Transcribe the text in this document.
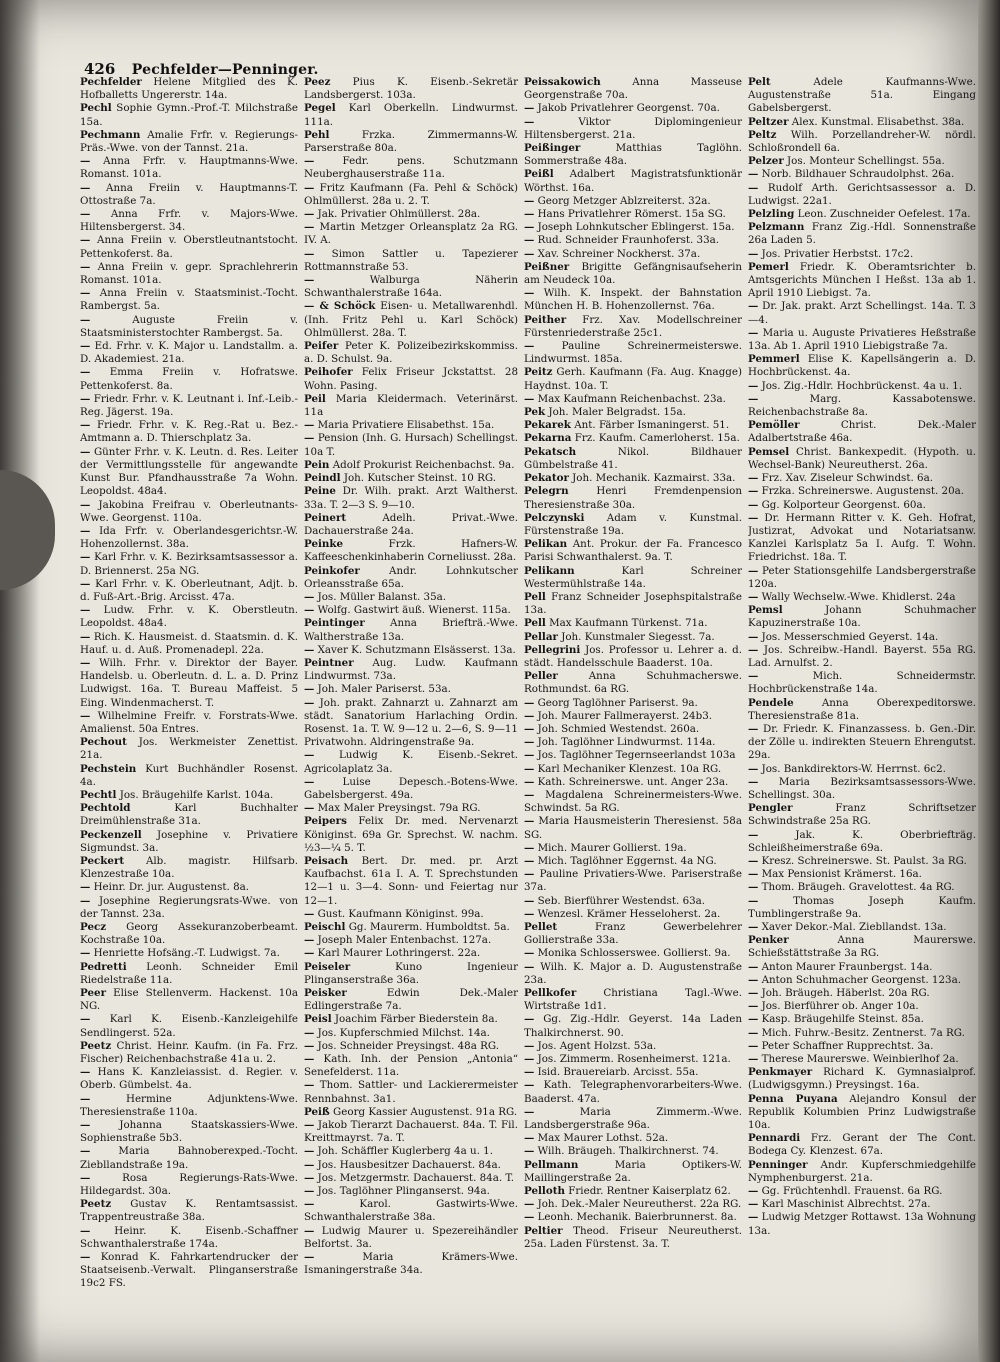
426 Pechfelder—Penninger.
Pechfelder Helene Mitglied des K. Hofballetts Ungererstr. 14a.
Pechl Sophie Gymn.-Prof.-T. Milchstraße 15a.
Pechmann Amalie Frfr. v. Regierungs-Präs.-Wwe. von der Tannst. 21a.
— Anna Frfr. v. Hauptmanns-Wwe. Romanst. 101a.
— Anna Freiin v. Hauptmanns-T. Ottostraße 7a.
— Anna Frfr. v. Majors-Wwe. Hiltensbergerst. 34.
— Anna Freiin v. Oberstleutnantstocht. Pettenkoferst. 8a.
— Anna Freiin v. gepr. Sprachlehrerin Romanst. 101a.
— Anna Freiin v. Staatsminist.-Tocht. Rambergst. 5a.
—	Auguste Freiin v. Staatsministerstochter Rambergst. 5a.
— Ed. Frhr. v. K. Major u. Landstallm. a. D. Akademiest. 21a.
— Emma Freiin v. Hofratswe. Pettenkoferst. 8a.
— Friedr. Frhr. v. K. Leutnant i. Inf.-Leib.-Reg. Jägerst. 19a.
— Friedr. Frhr. v. K. Reg.-Rat u. Bez.-Amtmann a. D. Thierschplatz 3a.
— Günter Frhr. v. K. Leutn. d. Res. Leiter der Vermittlungsstelle für angewandte Kunst Bur. Pfandhausstraße 7a Wohn. Leopoldst. 48a4.
— Jakobina Freifrau v. Oberleutnants-Wwe. Georgenst. 110a.
— Ida Frfr. v. Oberlandesgerichtsr.-W. Hohenzollernst. 38a.
— Karl Frhr. v. K. Bezirksamtsassessor a. D. Briennerst. 25a NG.
— Karl Frhr. v. K. Oberleutnant, Adjt. b. d. Fuß-Art.-Brig. Arcisst. 47a.
— Ludw. Frhr. v. K. Oberstleutn. Leopoldst. 48a4.
— Rich. K. Hausmeist. d. Staatsmin. d. K. Hauf. u. d. Auß. Promenadepl. 22a.
— Wilh. Frhr. v. Direktor der Bayer. Handelsb. u. Oberleutn. d. L. a. D. Prinz Ludwigst. 16a. T. Bureau Maffeist. 5 Eing. Windenmacherst. T.
— Wilhelmine Freifr. v. Forstrats-Wwe. Amalienst. 50a Entres.
Pechout Jos. Werkmeister Zenettist. 21a.
Pechstein Kurt Buchhändler Rosenst. 4a.
Pechtl Jos. Bräugehilfe Karlst. 104a.
Pechtold	Karl Buchhalter Dreimühlenstraße 31a.
Peckenzell Josephine v. Privatiere Sigmundst. 3a.
Peckert Alb. magistr. Hilfsarb. Klenzestraße 10a.
— Heinr. Dr. jur. Augustenst. 8a.
— Josephine Regierungsrats-Wwe. von der Tannst. 23a.
Pecz Georg Assekuranzoberbeamt. Kochstraße 10a.
— Henriette Hofsäng.-T. Ludwigst. 7a.
Pedretti Leonh. Schneider Emil Riedelstraße 11a.
Peer Elise Stellenverm. Hackenst. 10a NG.
— Karl K. Eisenb.-Kanzleigehilfe Sendlingerst. 52a.
Peetz Christ. Heinr. Kaufm. (in Fa. Frz. Fischer) Reichenbachstraße 41a u. 2.
— Hans K. Kanzleiassist. d. Regier. v. Oberb. Gümbelst. 4a.
—	Hermine Adjunktens-Wwe. Theresienstraße 110a.
—	Johanna Staatskassiers-Wwe. Sophienstraße 5b3.
—	Maria Bahnoberexped.-Tocht. Ziebllandstraße 19a.
—	Rosa Regierungs-Rats-Wwe. Hildegardst. 30a.
Peetz Gustav K. Rentamtsassist. Trappentreustraße 38a.
— Heinr. K. Eisenb.-Schaffner Schwanthalerstraße 174a.
— Konrad K. Fahrkartendrucker der Staatseisenb.-Verwalt. Plinganserstraße 19c2 FS.
Peez Pius K. Eisenb.-Sekretär Landsbergerst. 103a.
Pegel Karl Oberkelln. Lindwurmst. 111a.
Pehl	Frzka. Zimmermanns-W. Parserstraße 80a.
—	Fedr. pens. Schutzmann Neuberghauserstraße 11a.
— Fritz Kaufmann (Fa. Pehl & Schöck) Ohlmüllerst. 28a u. 2. T.
— Jak. Privatier Ohlmüllerst. 28a.
— Martin Metzger Orleansplatz 2a RG. IV. A.
— Simon Sattler u. Tapezierer Rottmannstraße 53.
—	Walburga Näherin Schwanthalerstraße 164a.
— & Schöck Eisen- u. Metallwarenhdl. (Inh. Fritz Pehl u. Karl Schöck) Ohlmüllerst. 28a. T.
Peifer Peter K. Polizeibezirkskommiss. a. D. Schulst. 9a.
Peihofer Felix Friseur Jckstattst. 28 Wohn. Pasing.
Peil Maria Kleidermach. Veterinärst. 11a
— Maria Privatiere Elisabethst. 15a.
— Pension (Inh. G. Hursach) Schellingst. 10a T.
Pein Adolf Prokurist Reichenbachst. 9a.
Peindl Joh. Kutscher Steinst. 10 RG.
Peine Dr. Wilh. prakt. Arzt Waltherst. 33a. T. 2—3 S. 9—10.
Peinert	Adelh. Privat.-Wwe. Dachauerstraße 24a.
Peinke	Frzk. Hafners-W. Kaffeeschenkinhaberin Corneliusst. 28a.
Peinkofer	Andr. Lohnkutscher Orleansstraße 65a.
— Jos. Müller Balanst. 35a.
— Wolfg. Gastwirt äuß. Wienerst. 115a.
Peintinger Anna Briefträ.-Wwe. Waltherstraße 13a.
— Xaver K. Schutzmann Elsässerst. 13a.
Peintner Aug. Ludw. Kaufmann Lindwurmst. 73a.
— Joh. Maler Pariserst. 53a.
— Joh. prakt. Zahnarzt u. Zahnarzt am städt. Sanatorium Harlaching Ordin. Rosenst. 1a. T. W. 9—12 u. 2—6, S. 9—11 Privatwohn. Aldringenstraße 9a.
— Ludwig K. Eisenb.-Sekret. Agricolaplatz 3a.
—	Luise Depesch.-Botens-Wwe. Gabelsbergerst. 49a.
— Max Maler Preysingst. 79a RG.
Peipers Felix Dr. med. Nervenarzt Königinst. 69a Gr. Sprechst. W. nachm. ½3—¼ 5. T.
Peisach Bert. Dr. med. pr. Arzt Kaufbachst. 61a I. A. T. Sprechstunden 12—1 u. 3—4. Sonn- und Feiertag nur 12—1.
— Gust. Kaufmann Königinst. 99a.
Peischl Gg. Maurerm. Humboldtst. 5a.
— Joseph Maler Entenbachst. 127a.
— Karl Maurer Lothringerst. 22a.
Peiseler	Kuno Ingenieur Plinganserstraße 36a.
Peisker	Edwin Dek.-Maler Edlingerstraße 7a.
Peisl Joachim Färber Biederstein 8a.
— Jos. Kupferschmied Milchst. 14a.
— Jos. Schneider Preysingst. 48a RG.
— Kath. Inh. der Pension „Antonia“ Senefelderst. 11a.
— Thom. Sattler- und Lackierermeister Rennbahnst. 3a1.
Peiß Georg Kassier Augustenst. 91a RG.
— Jakob Tierarzt Dachauerst. 84a. T. Fil. Kreittmayrst. 7a. T.
— Joh. Schäffler Kuglerberg 4a u. 1.
— Jos. Hausbesitzer Dachauerst. 84a.
— Jos. Metzgermstr. Dachauerst. 84a. T.
— Jos. Taglöhner Plinganserst. 94a.
—	Karol. Gastwirts-Wwe. Schwanthalerstraße 38a.
— Ludwig Maurer u. Spezereihändler Belfortst. 3a.
—	Maria Krämers-Wwe. Ismaningerstraße 34a.
Peissakowich	Anna Masseuse Georgenstraße 70a.
— Jakob Privatlehrer Georgenst. 70a.
—	Viktor Diplomingenieur Hiltensbergerst. 21a.
Peißinger	Matthias Taglöhn. Sommerstraße 48a.
Peißl Adalbert Magistratsfunktionär Wörthst. 16a.
— Georg Metzger Ablzreiterst. 32a.
— Hans Privatlehrer Römerst. 15a SG.
— Joseph Lohnkutscher Eblingerst. 15a.
— Rud. Schneider Fraunhoferst. 33a.
— Xav. Schreiner Nockherst. 37a.
Peißner Brigitte Gefängnisaufseherin am Neudeck 10a.
— Wilh. K. Inspekt. der Bahnstation München H. B. Hohenzollernst. 76a.
Peither Frz. Xav. Modellschreiner Fürstenriederstraße 25c1.
—	Pauline Schreinermeisterswe. Lindwurmst. 185a.
Peitz Gerh. Kaufmann (Fa. Aug. Knagge) Haydnst. 10a. T.
— Max Kaufmann Reichenbachst. 23a.
Pek Joh. Maler Belgradst. 15a.
Pekarek Ant. Färber Ismaningerst. 51.
Pekarna Frz. Kaufm. Camerloherst. 15a.
Pekatsch	Nikol. Bildhauer Gümbelstraße 41.
Pekator Joh. Mechanik. Kazmairst. 33a.
Pelegrn	Henri Fremdenpension Theresienstraße 30a.
Pelczynski Adam v. Kunstmal. Fürstenstraße 19a.
Pelikan Ant. Prokur. der Fa. Francesco Parisi Schwanthalerst. 9a. T.
Pelikann	Karl Schreiner Westermühlstraße 14a.
Pell Franz Schneider Josephspitalstraße 13a.
Pell Max Kaufmann Türkenst. 71a.
Pellar Joh. Kunstmaler Siegesst. 7a.
Pellegrini Jos. Professor u. Lehrer a. d. städt. Handelsschule Baaderst. 10a.
Peller	Anna Schuhmacherswe. Rothmundst. 6a RG.
— Georg Taglöhner Pariserst. 9a.
— Joh. Maurer Fallmerayerst. 24b3.
— Joh. Schmied Westendst. 260a.
— Joh. Taglöhner Lindwurmst. 114a.
— Jos. Taglöhner Tegernseerlandst 103a
— Karl Mechaniker Klenzest. 10a RG.
— Kath. Schreinerswe. unt. Anger 23a.
— Magdalena Schreinermeisters-Wwe. Schwindst. 5a RG.
— Maria Hausmeisterin Theresienst. 58a SG.
— Mich. Maurer Gollierst. 19a.
— Mich. Taglöhner Eggernst. 4a NG.
— Pauline Privatiers-Wwe. Pariserstraße 37a.
— Seb. Bierführer Westendst. 63a.
— Wenzesl. Krämer Hesseloherst. 2a.
Pellet	Franz Gewerbelehrer Gollierstraße 33a.
— Monika Schlossersweе. Gollierst. 9a.
— Wilh. K. Major a. D. Augustenstraße 23a.
Pellkofer	Christiana Tagl.-Wwe. Wirtstraße 1d1.
— Gg. Zig.-Hdlr. Geyerst. 14a Laden Thalkirchnerst. 90.
— Jos. Agent Holzst. 53a.
— Jos. Zimmerm. Rosenheimerst. 121a.
— Isid. Brauereiarb. Arcisst. 55a.
— Kath. Telegraphenvorarbeiters-Wwe. Baaderst. 47a.
—	Maria Zimmerm.-Wwe. Landsbergerstraße 96a.
— Max Maurer Lothst. 52a.
— Wilh. Bräugeh. Thalkirchnerst. 74.
Pellmann	Maria Optikers-W. Maillingerstraße 2a.
Pelloth Friedr. Rentner Kaiserplatz 62.
— Joh. Dek.-Maler Neureutherst. 22a RG.
— Leonh. Mechanik. Baierbrunnerst. 8a.
Peltier Theod. Friseur Neureutherst. 25a. Laden Fürstenst. 3a. T.
Pelt	Adele Kaufmanns-Wwe. Augustenstraße 51a. Eingang Gabelsbergerst.
Peltzer Alex. Kunstmal. Elisabethst. 38a.
Peltz Wilh. Porzellandreher-W. nördl. Schloßrondell 6a.
Pelzer Jos. Monteur Schellingst. 55a.
— Norb. Bildhauer Schraudolphst. 26a.
— Rudolf Arth. Gerichtsassessor a. D. Ludwigst. 22a1.
Pelzling Leon. Zuschneider Oefelest. 17a.
Pelzmann Franz Zig.-Hdl. Sonnenstraße 26a Laden 5.
— Jos. Privatier Herbstst. 17c2.
Pemerl Friedr. K. Oberamtsrichter b. Amtsgerichts München I Heßst. 13a ab 1. April 1910 Liebigst. 7a.
— Dr. Jak. prakt. Arzt Schellingst. 14a. T. 3—4.
— Maria u. Auguste Privatieres Heßstraße 13a. Ab 1. April 1910 Liebigstraße 7a.
Pemmerl Elise K. Kapellsängerin a. D. Hochbrückenst. 4a.
— Jos. Zig.-Hdlr. Hochbrückenst. 4a u. 1.
—	Marg. Kassabotenswe. Reichenbachstraße 8a.
Pemöller	Christ. Dek.-Maler Adalbertstraße 46a.
Pemsel Christ. Bankexpedit. (Hypoth. u. Wechsel-Bank) Neureutherst. 26a.
— Frz. Xav. Ziseleur Schwindst. 6a.
— Frzka. Schreinerswe. Augustenst. 20a.
— Gg. Kolporteur Georgenst. 60a.
— Dr. Hermann Ritter v. K. Geh. Hofrat, Justizrat, Advokat und Notariatsanw. Kanzlei Karlsplatz 5a I. Aufg. T. Wohn. Friedrichst. 18a. T.
— Peter Stationsgehilfe Landsbergerstraße 120a.
— Wally Wechselw.-Wwe. Khidlerst. 24a
Pemsl	Johann Schuhmacher Kapuzinerstraße 10a.
— Jos. Messerschmied Geyerst. 14a.
— Jos. Schreibw.-Handl. Bayerst. 55a RG. Lad. Arnulfst. 2.
—	Mich. Schneidermstr. Hochbrückenstraße 14a.
Pendele	Anna Oberexpeditorswe. Theresienstraße 81a.
— Dr. Friedr. K. Finanzassess. b. Gen.-Dir. der Zölle u. indirekten Steuern Ehrengutst. 29a.
— Jos. Bankdirektors-W. Herrnst. 6c2.
— Maria Bezirksamtsassessors-Wwe. Schellingst. 30a.
Pengler	Franz Schriftsetzer Schwindstraße 25a RG.
—	Jak. K. Oberbriefträg. Schleißheimerstraße 69a.
— Kresz. Schreinerswe. St. Paulst. 3a RG.
— Max Pensionist Krämerst. 16a.
— Thom. Bräugeh. Gravelottest. 4a RG.
—	Thomas Joseph Kaufm. Tumblingerstraße 9a.
— Xaver Dekor.-Mal. Ziebllandst. 13a.
Penker	Anna Maurerswe. Schießstättstraße 3a RG.
— Anton Maurer Fraunbergst. 14a.
— Anton Schuhmacher Georgenst. 123a.
— Joh. Bräugeh. Häberlst. 20a RG.
— Jos. Bierführer ob. Anger 10a.
— Kasp. Bräugehilfe Steinst. 85a.
— Mich. Fuhrw.-Besitz. Zentnerst. 7a RG.
— Peter Schaffner Rupprechtst. 3a.
— Therese Maurerswe. Weinbierlhof 2a.
Penkmayer Richard K. Gymnasialprof. (Ludwigsgymn.) Preysingst. 16a.
Penna Puyana Alejandro Konsul der Republik Kolumbien Prinz Ludwigstraße 10a.
Pennardi Frz. Gerant der The Cont. Bodega Cy. Klenzest. 67a.
Penninger Andr. Kupferschmiedgehilfe Nymphenburgerst. 21a.
— Gg. Früchtenhdl. Frauenst. 6a RG.
— Karl Maschinist Albrechtst. 27a.
— Ludwig Metzger Rottawst. 13a Wohnung 13a.
